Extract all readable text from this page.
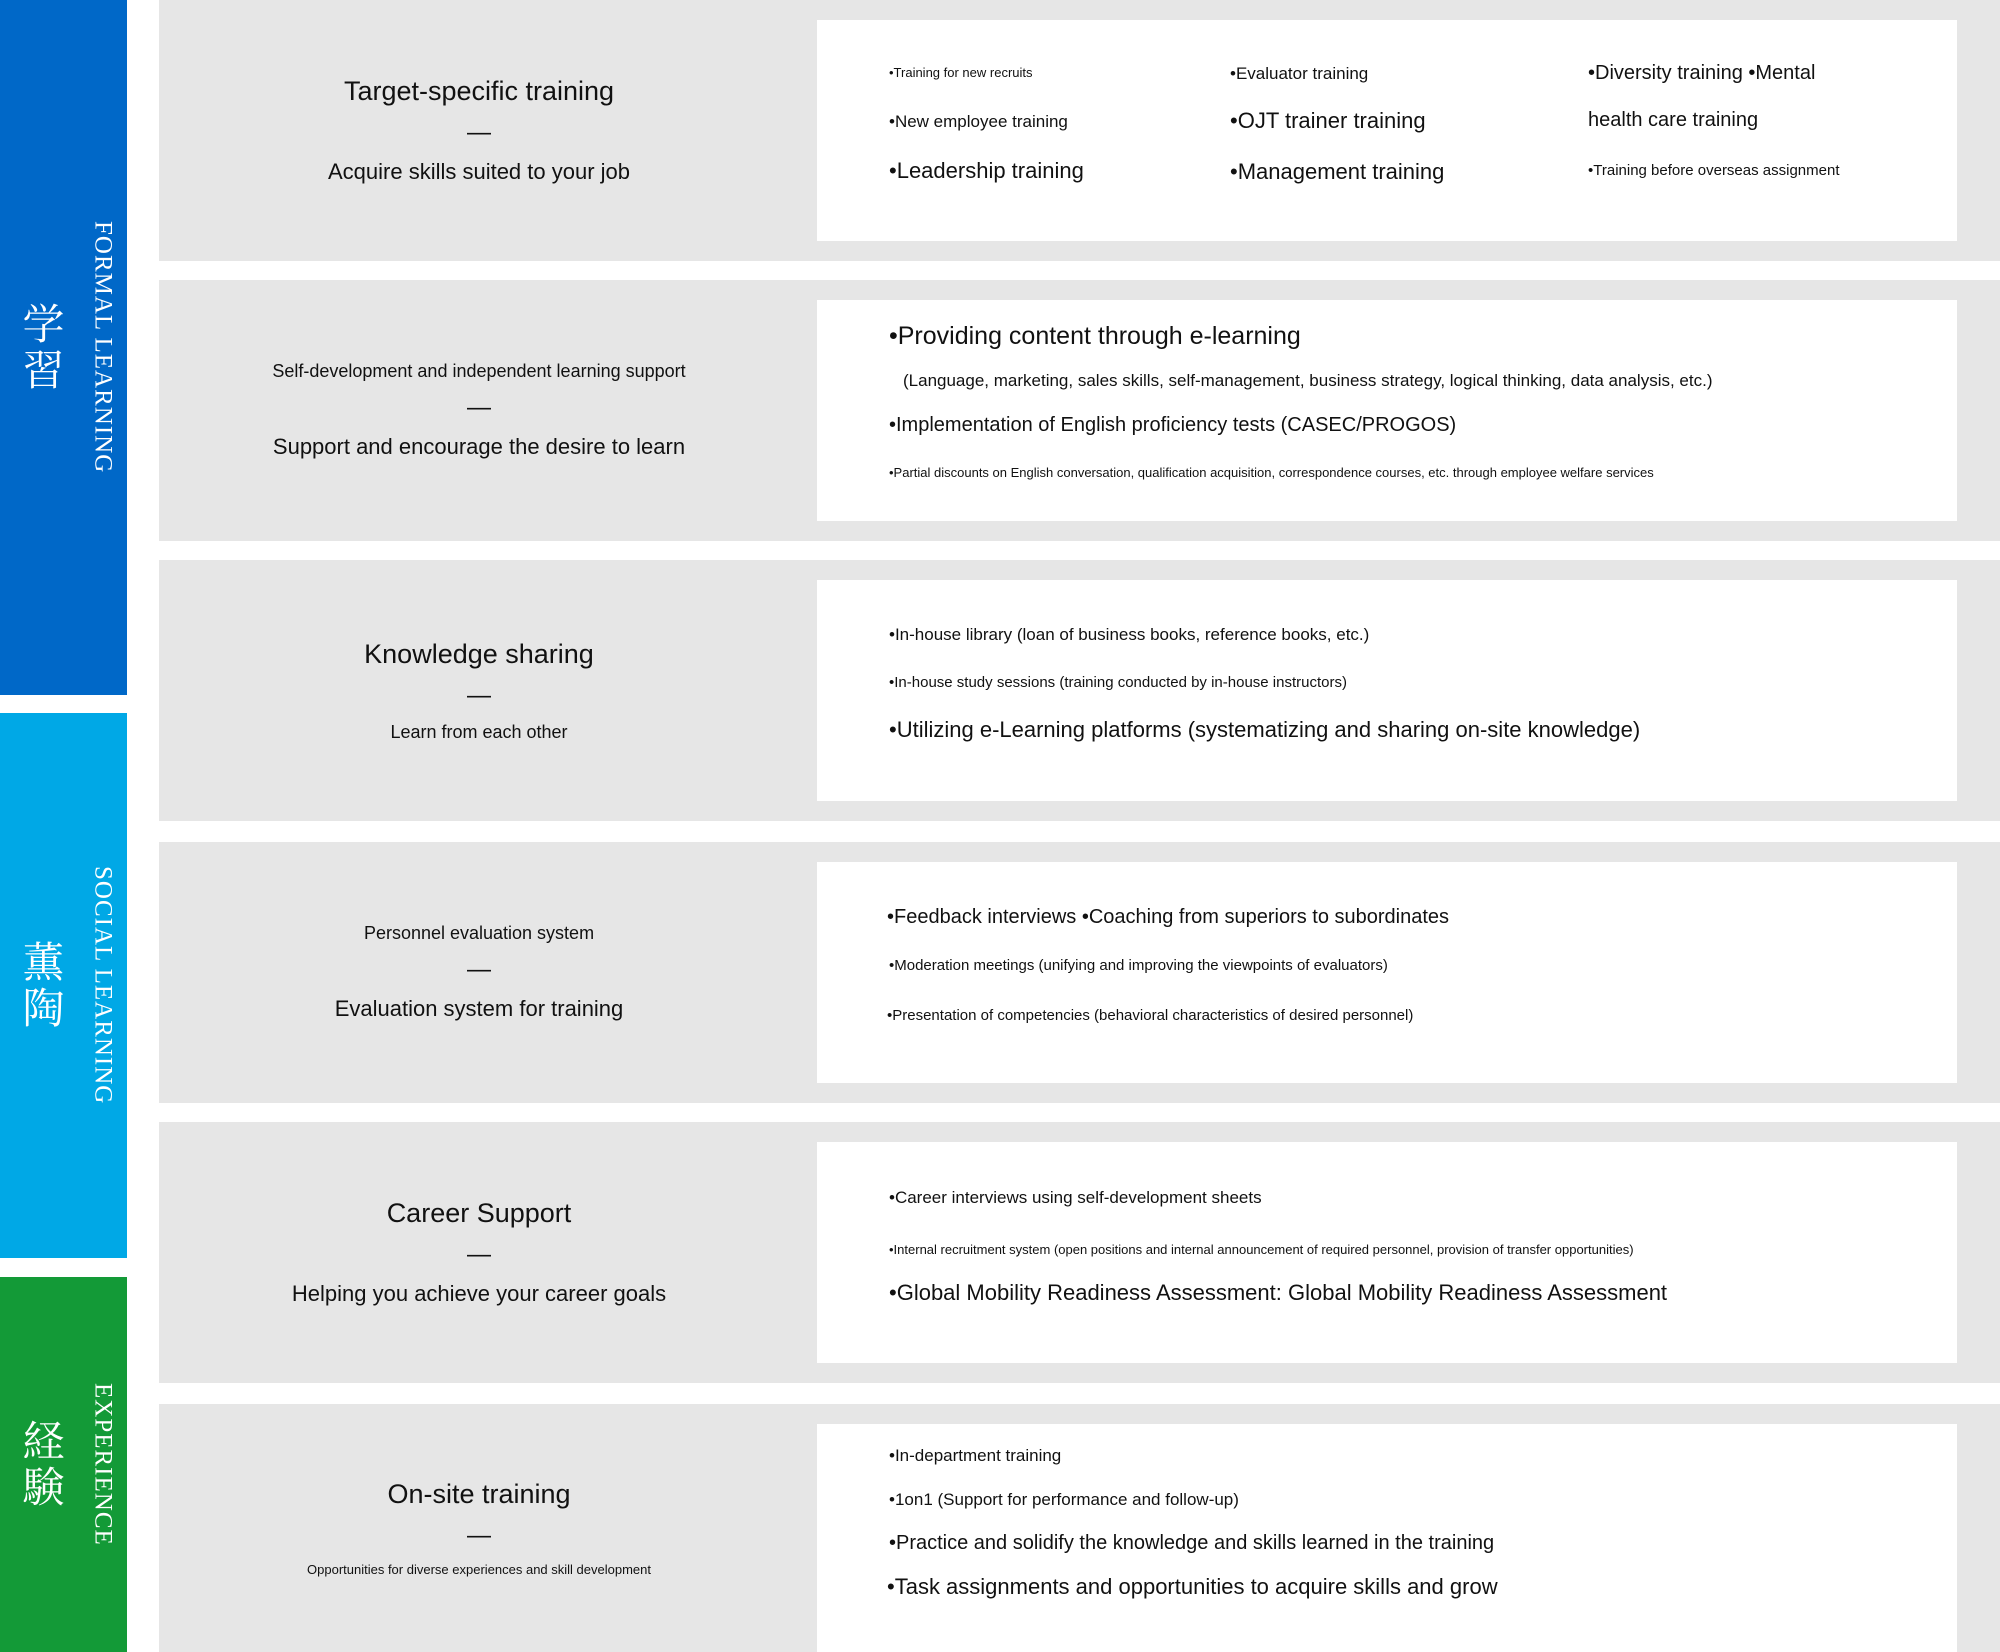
学習 FORMAL LEARNING
薫陶 SOCIAL LEARNING
経験 EXPERIENCE
Target-specific training
—
Acquire skills suited to your job
•Training for new recruits
•New employee training
•Leadership training
•Evaluator training
•OJT trainer training
•Management training
•Diversity training •Mental
health care training
•Training before overseas assignment
Self-development and independent learning support
—
Support and encourage the desire to learn
•Providing content through e-learning
(Language, marketing, sales skills, self-management, business strategy, logical thinking, data analysis, etc.)
•Implementation of English proficiency tests (CASEC/PROGOS)
•Partial discounts on English conversation, qualification acquisition, correspondence courses, etc. through employee welfare services
Knowledge sharing
—
Learn from each other
•In-house library (loan of business books, reference books, etc.)
•In-house study sessions (training conducted by in-house instructors)
•Utilizing e-Learning platforms (systematizing and sharing on-site knowledge)
Personnel evaluation system
—
Evaluation system for training
•Feedback interviews •Coaching from superiors to subordinates
•Moderation meetings (unifying and improving the viewpoints of evaluators)
•Presentation of competencies (behavioral characteristics of desired personnel)
Career Support
—
Helping you achieve your career goals
•Career interviews using self-development sheets
•Internal recruitment system (open positions and internal announcement of required personnel, provision of transfer opportunities)
•Global Mobility Readiness Assessment: Global Mobility Readiness Assessment
On-site training
—
Opportunities for diverse experiences and skill development
•In-department training
•1on1 (Support for performance and follow-up)
•Practice and solidify the knowledge and skills learned in the training
•Task assignments and opportunities to acquire skills and grow
